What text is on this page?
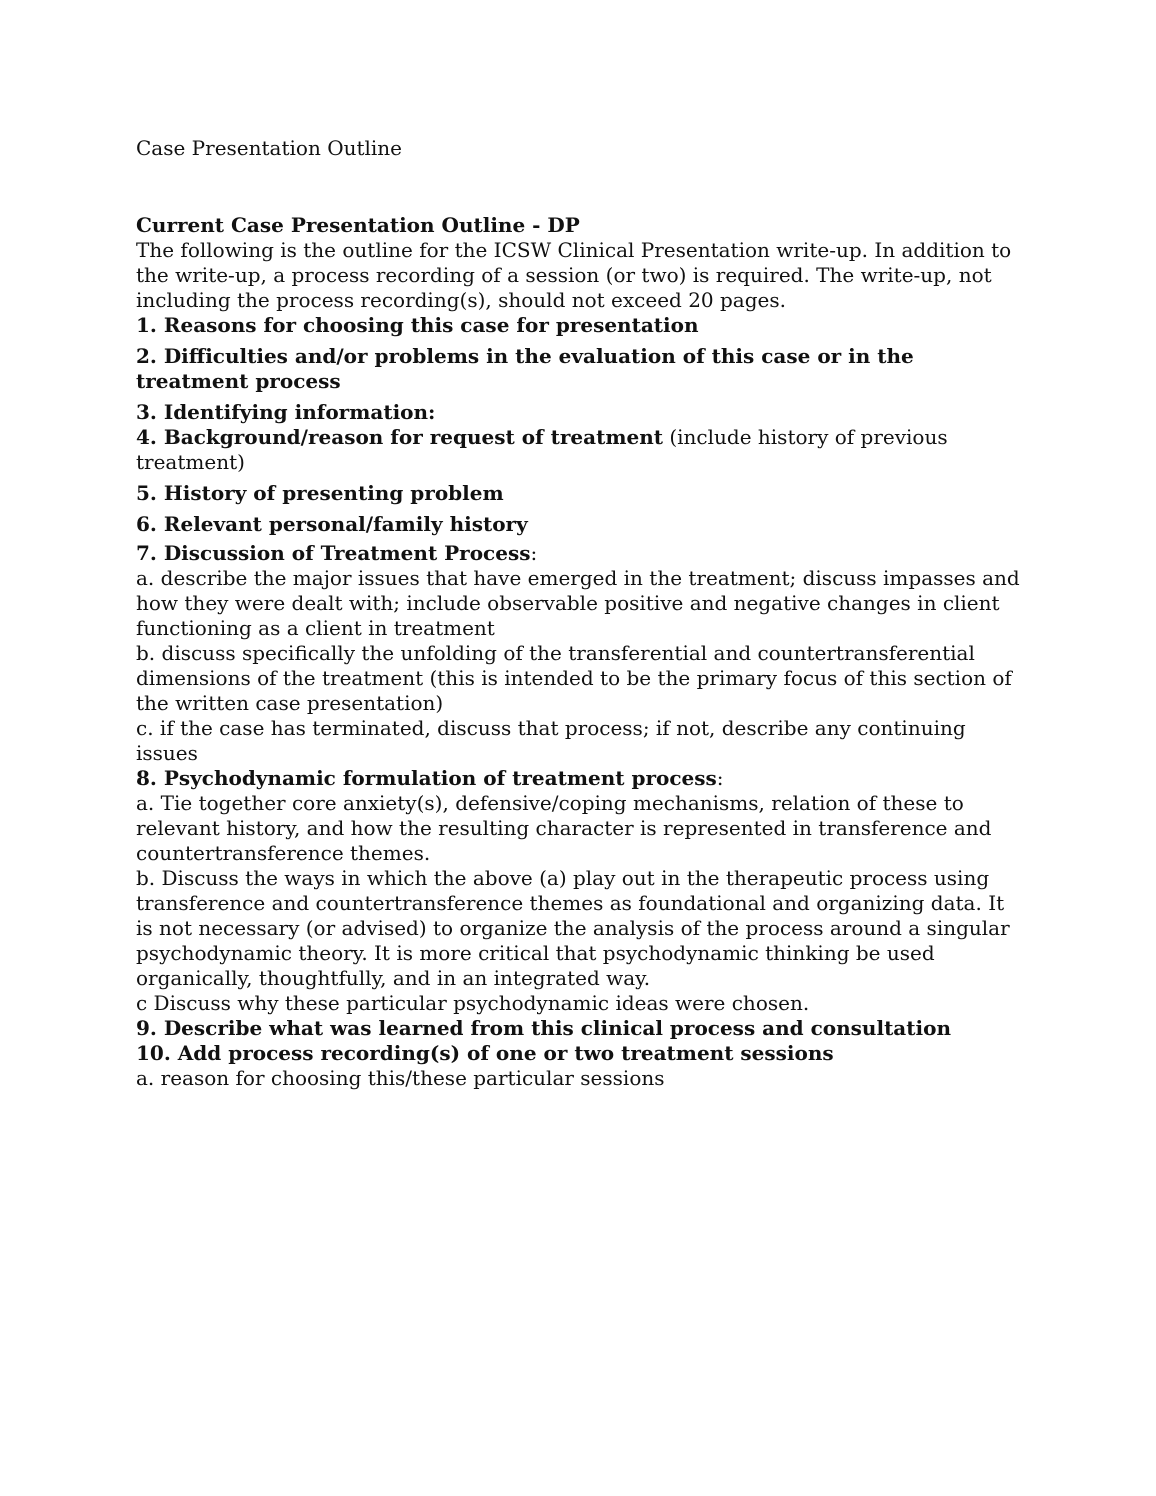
Case Presentation Outline

Current Case Presentation Outline - DP

The following is the outline for the ICSW Clinical Presentation write-up. In addition to the write-up, a process recording of a session (or two) is required. The write-up, not including the process recording(s), should not exceed 20 pages.

1. Reasons for choosing this case for presentation

2. Difficulties and/or problems in the evaluation of this case or in the treatment process

3. Identifying information:

4. Background/reason for request of treatment (include history of previous treatment)

5. History of presenting problem

6. Relevant personal/family history

7. Discussion of Treatment Process:

a. describe the major issues that have emerged in the treatment; discuss impasses and how they were dealt with; include observable positive and negative changes in client functioning as a client in treatment

b. discuss specifically the unfolding of the transferential and countertransferential dimensions of the treatment (this is intended to be the primary focus of this section of the written case presentation)

c. if the case has terminated, discuss that process; if not, describe any continuing issues

8. Psychodynamic formulation of treatment process:

a. Tie together core anxiety(s), defensive/coping mechanisms, relation of these to relevant history, and how the resulting character is represented in transference and countertransference themes.

b. Discuss the ways in which the above (a) play out in the therapeutic process using transference and countertransference themes as foundational and organizing data. It is not necessary (or advised) to organize the analysis of the process around a singular psychodynamic theory. It is more critical that psychodynamic thinking be used organically, thoughtfully, and in an integrated way.

c Discuss why these particular psychodynamic ideas were chosen.

9. Describe what was learned from this clinical process and consultation

10. Add process recording(s) of one or two treatment sessions

a. reason for choosing this/these particular sessions
